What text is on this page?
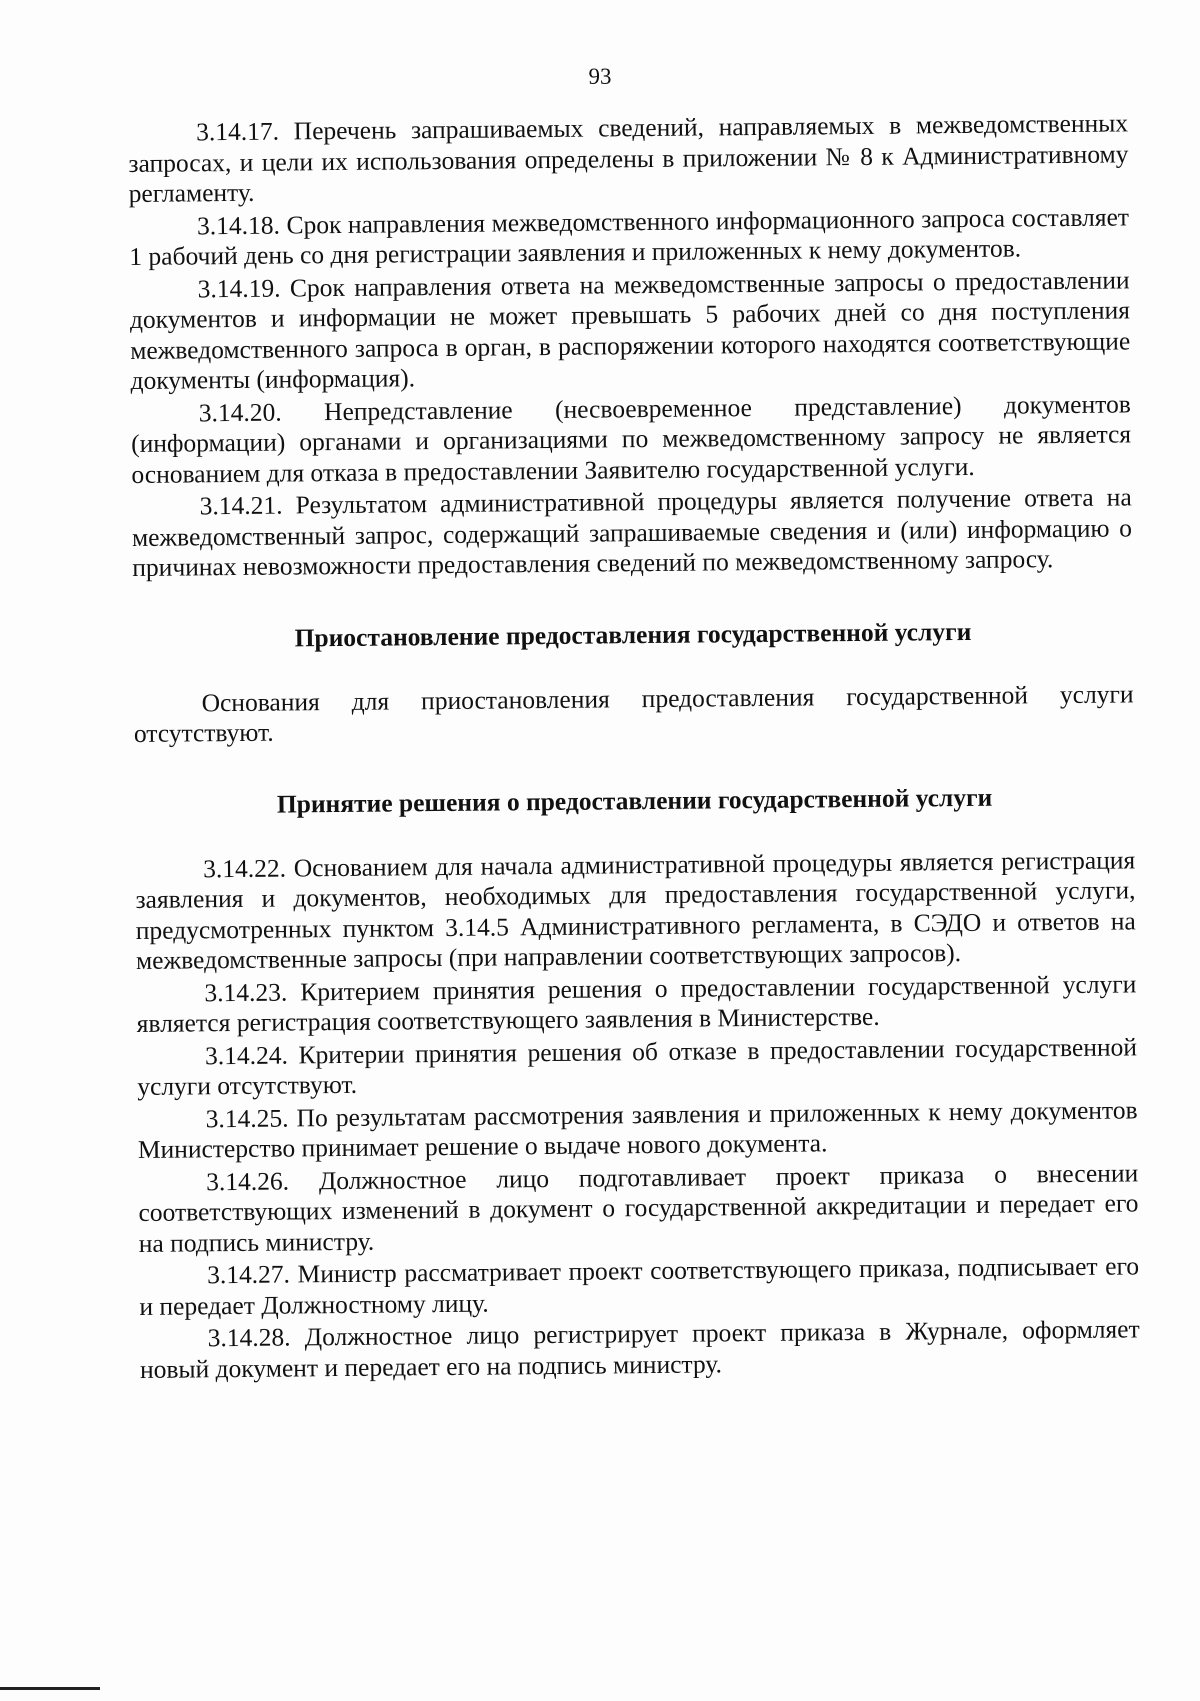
93

3.14.17. Перечень запрашиваемых сведений, направляемых в межведомственных запросах, и цели их использования определены в приложении № 8 к Административному регламенту.

3.14.18. Срок направления межведомственного информационного запроса составляет 1 рабочий день со дня регистрации заявления и приложенных к нему документов.

3.14.19. Срок направления ответа на межведомственные запросы о предоставлении документов и информации не может превышать 5 рабочих дней со дня поступления межведомственного запроса в орган, в распоряжении которого находятся соответствующие документы (информация).

3.14.20. Непредставление (несвоевременное представление) документов (информации) органами и организациями по межведомственному запросу не является основанием для отказа в предоставлении Заявителю государственной услуги.

3.14.21. Результатом административной процедуры является получение ответа на межведомственный запрос, содержащий запрашиваемые сведения и (или) информацию о причинах невозможности предоставления сведений по межведомственному запросу.

Приостановление предоставления государственной услуги

Основания для приостановления предоставления государственной услуги отсутствуют.

Принятие решения о предоставлении государственной услуги

3.14.22. Основанием для начала административной процедуры является регистрация заявления и документов, необходимых для предоставления государственной услуги, предусмотренных пунктом 3.14.5 Административного регламента, в СЭДО и ответов на межведомственные запросы (при направлении соответствующих запросов).

3.14.23. Критерием принятия решения о предоставлении государственной услуги является регистрация соответствующего заявления в Министерстве.

3.14.24. Критерии принятия решения об отказе в предоставлении государственной услуги отсутствуют.

3.14.25. По результатам рассмотрения заявления и приложенных к нему документов Министерство принимает решение о выдаче нового документа.

3.14.26. Должностное лицо подготавливает проект приказа о внесении соответствующих изменений в документ о государственной аккредитации и передает его на подпись министру.

3.14.27. Министр рассматривает проект соответствующего приказа, подписывает его и передает Должностному лицу.

3.14.28. Должностное лицо регистрирует проект приказа в Журнале, оформляет новый документ и передает его на подпись министру.
